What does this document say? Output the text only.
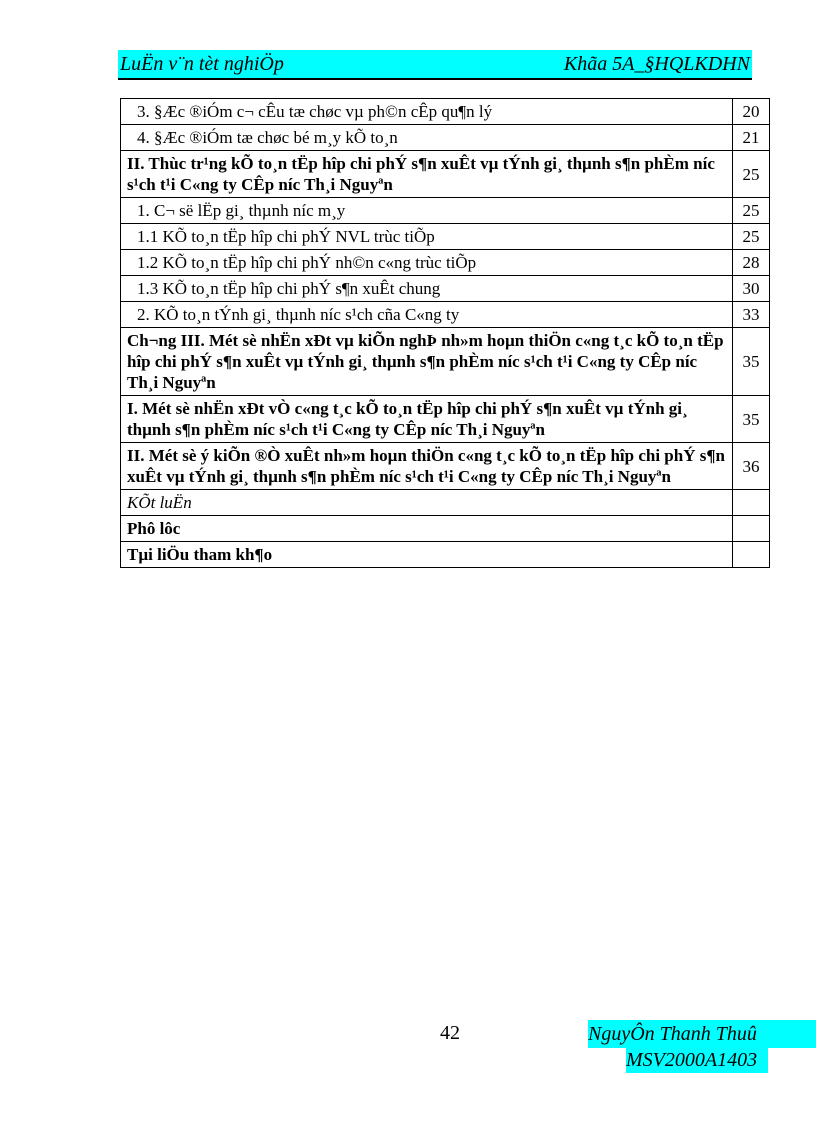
LuËn v¨n tèt nghiÖp	Khãa 5A_§HQLKDHN
3. §Æc ®iÓm c¬ cÊu tæ chøc vµ ph©n cÊp qu¶n lý	20
4. §Æc ®iÓm tæ chøc bé m¸y kÕ to¸n	21
II. Thùc tr¹ng kÕ to¸n tËp hîp chi phÝ s¶n xuÊt vµ tÝnh gi¸ thµnh s¶n phÈm níc s¹ch t¹i C«ng ty CÊp níc Th¸i Nguyªn	25
1. C¬ së lËp gi¸ thµnh níc m¸y	25
1.1 KÕ to¸n tËp hîp chi phÝ NVL trùc tiÕp	25
1.2 KÕ to¸n tËp hîp chi phÝ nh©n c«ng trùc tiÕp	28
1.3 KÕ to¸n tËp hîp chi phÝ s¶n xuÊt chung	30
2. KÕ to¸n tÝnh gi¸ thµnh níc s¹ch cña C«ng ty	33
Ch¬ng III. Mét sè nhËn xÐt vµ kiÕn nghÞ nh»m hoµn thiÖn c«ng t¸c kÕ to¸n tËp hîp chi phÝ s¶n xuÊt vµ tÝnh gi¸ thµnh s¶n phÈm níc s¹ch t¹i C«ng ty CÊp níc Th¸i Nguyªn	35
I. Mét sè nhËn xÐt vÒ c«ng t¸c kÕ to¸n tËp hîp chi phÝ s¶n xuÊt vµ tÝnh gi¸ thµnh s¶n phÈm níc s¹ch t¹i C«ng ty CÊp níc Th¸i Nguyªn	35
II. Mét sè ý kiÕn ®Ò xuÊt nh»m hoµn thiÖn c«ng t¸c kÕ to¸n tËp hîp chi phÝ s¶n xuÊt vµ tÝnh gi¸ thµnh s¶n phÈm níc s¹ch t¹i C«ng ty CÊp níc Th¸i Nguyªn	36
KÕt luËn	
Phô lôc	
Tµi liÖu tham kh¶o	
42	NguyÔn Thanh Thuû
MSV2000A1403
